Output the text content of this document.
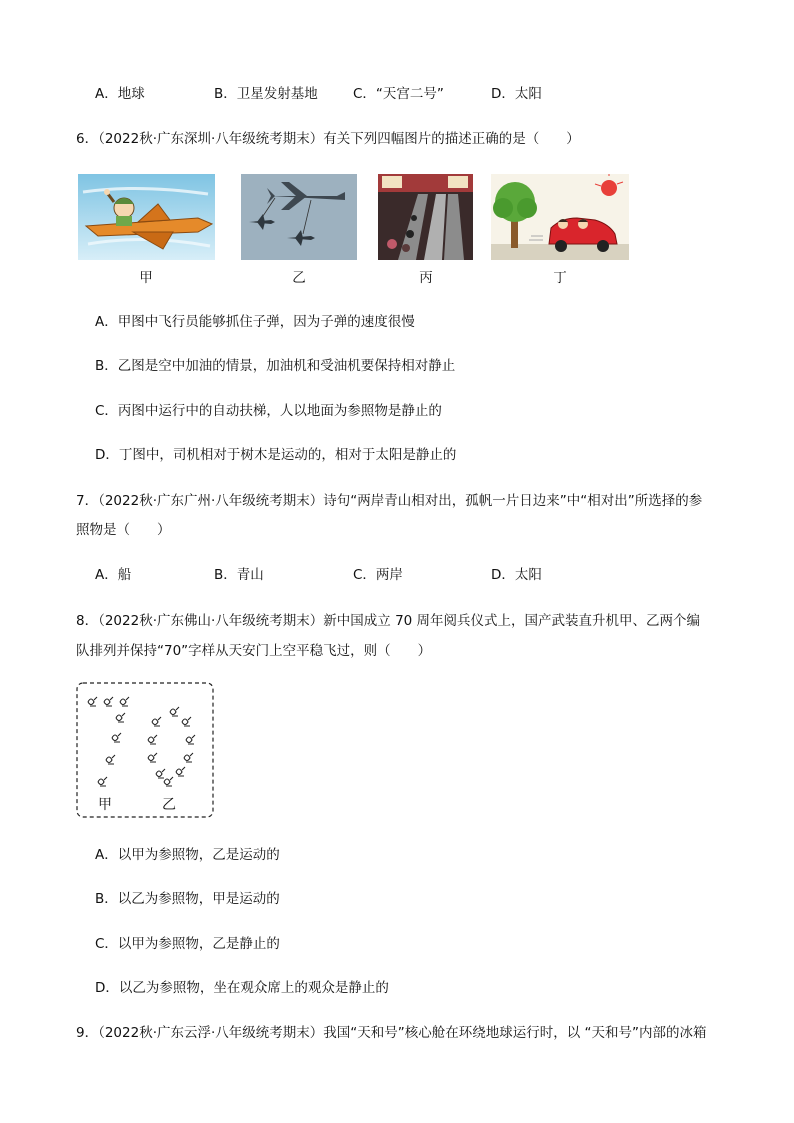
A．地球	B．卫星发射基地	C．“天宫二号”	D．太阳
6．（2022秋·广东深圳·八年级统考期末）有关下列四幅图片的描述正确的是（　　）
甲	乙	丙	丁
A．甲图中飞行员能够抓住子弹，因为子弹的速度很慢
B．乙图是空中加油的情景，加油机和受油机要保持相对静止
C．丙图中运行中的自动扶梯，人以地面为参照物是静止的
D．丁图中，司机相对于树木是运动的，相对于太阳是静止的
7．（2022秋·广东广州·八年级统考期末）诗句“两岸青山相对出，孤帆一片日边来”中“相对出”所选择的参
照物是（　　）
A．船	B．青山	C．两岸	D．太阳
8．（2022秋·广东佛山·八年级统考期末）新中国成立 70 周年阅兵仪式上，国产武装直升机甲、乙两个编
队排列并保持“70”字样从天安门上空平稳飞过，则（　　）
甲	乙
A．以甲为参照物，乙是运动的
B．以乙为参照物，甲是运动的
C．以甲为参照物，乙是静止的
D．以乙为参照物，坐在观众席上的观众是静止的
9．（2022秋·广东云浮·八年级统考期末）我国“天和号”核心舱在环绕地球运行时，以 “天和号”内部的冰箱
